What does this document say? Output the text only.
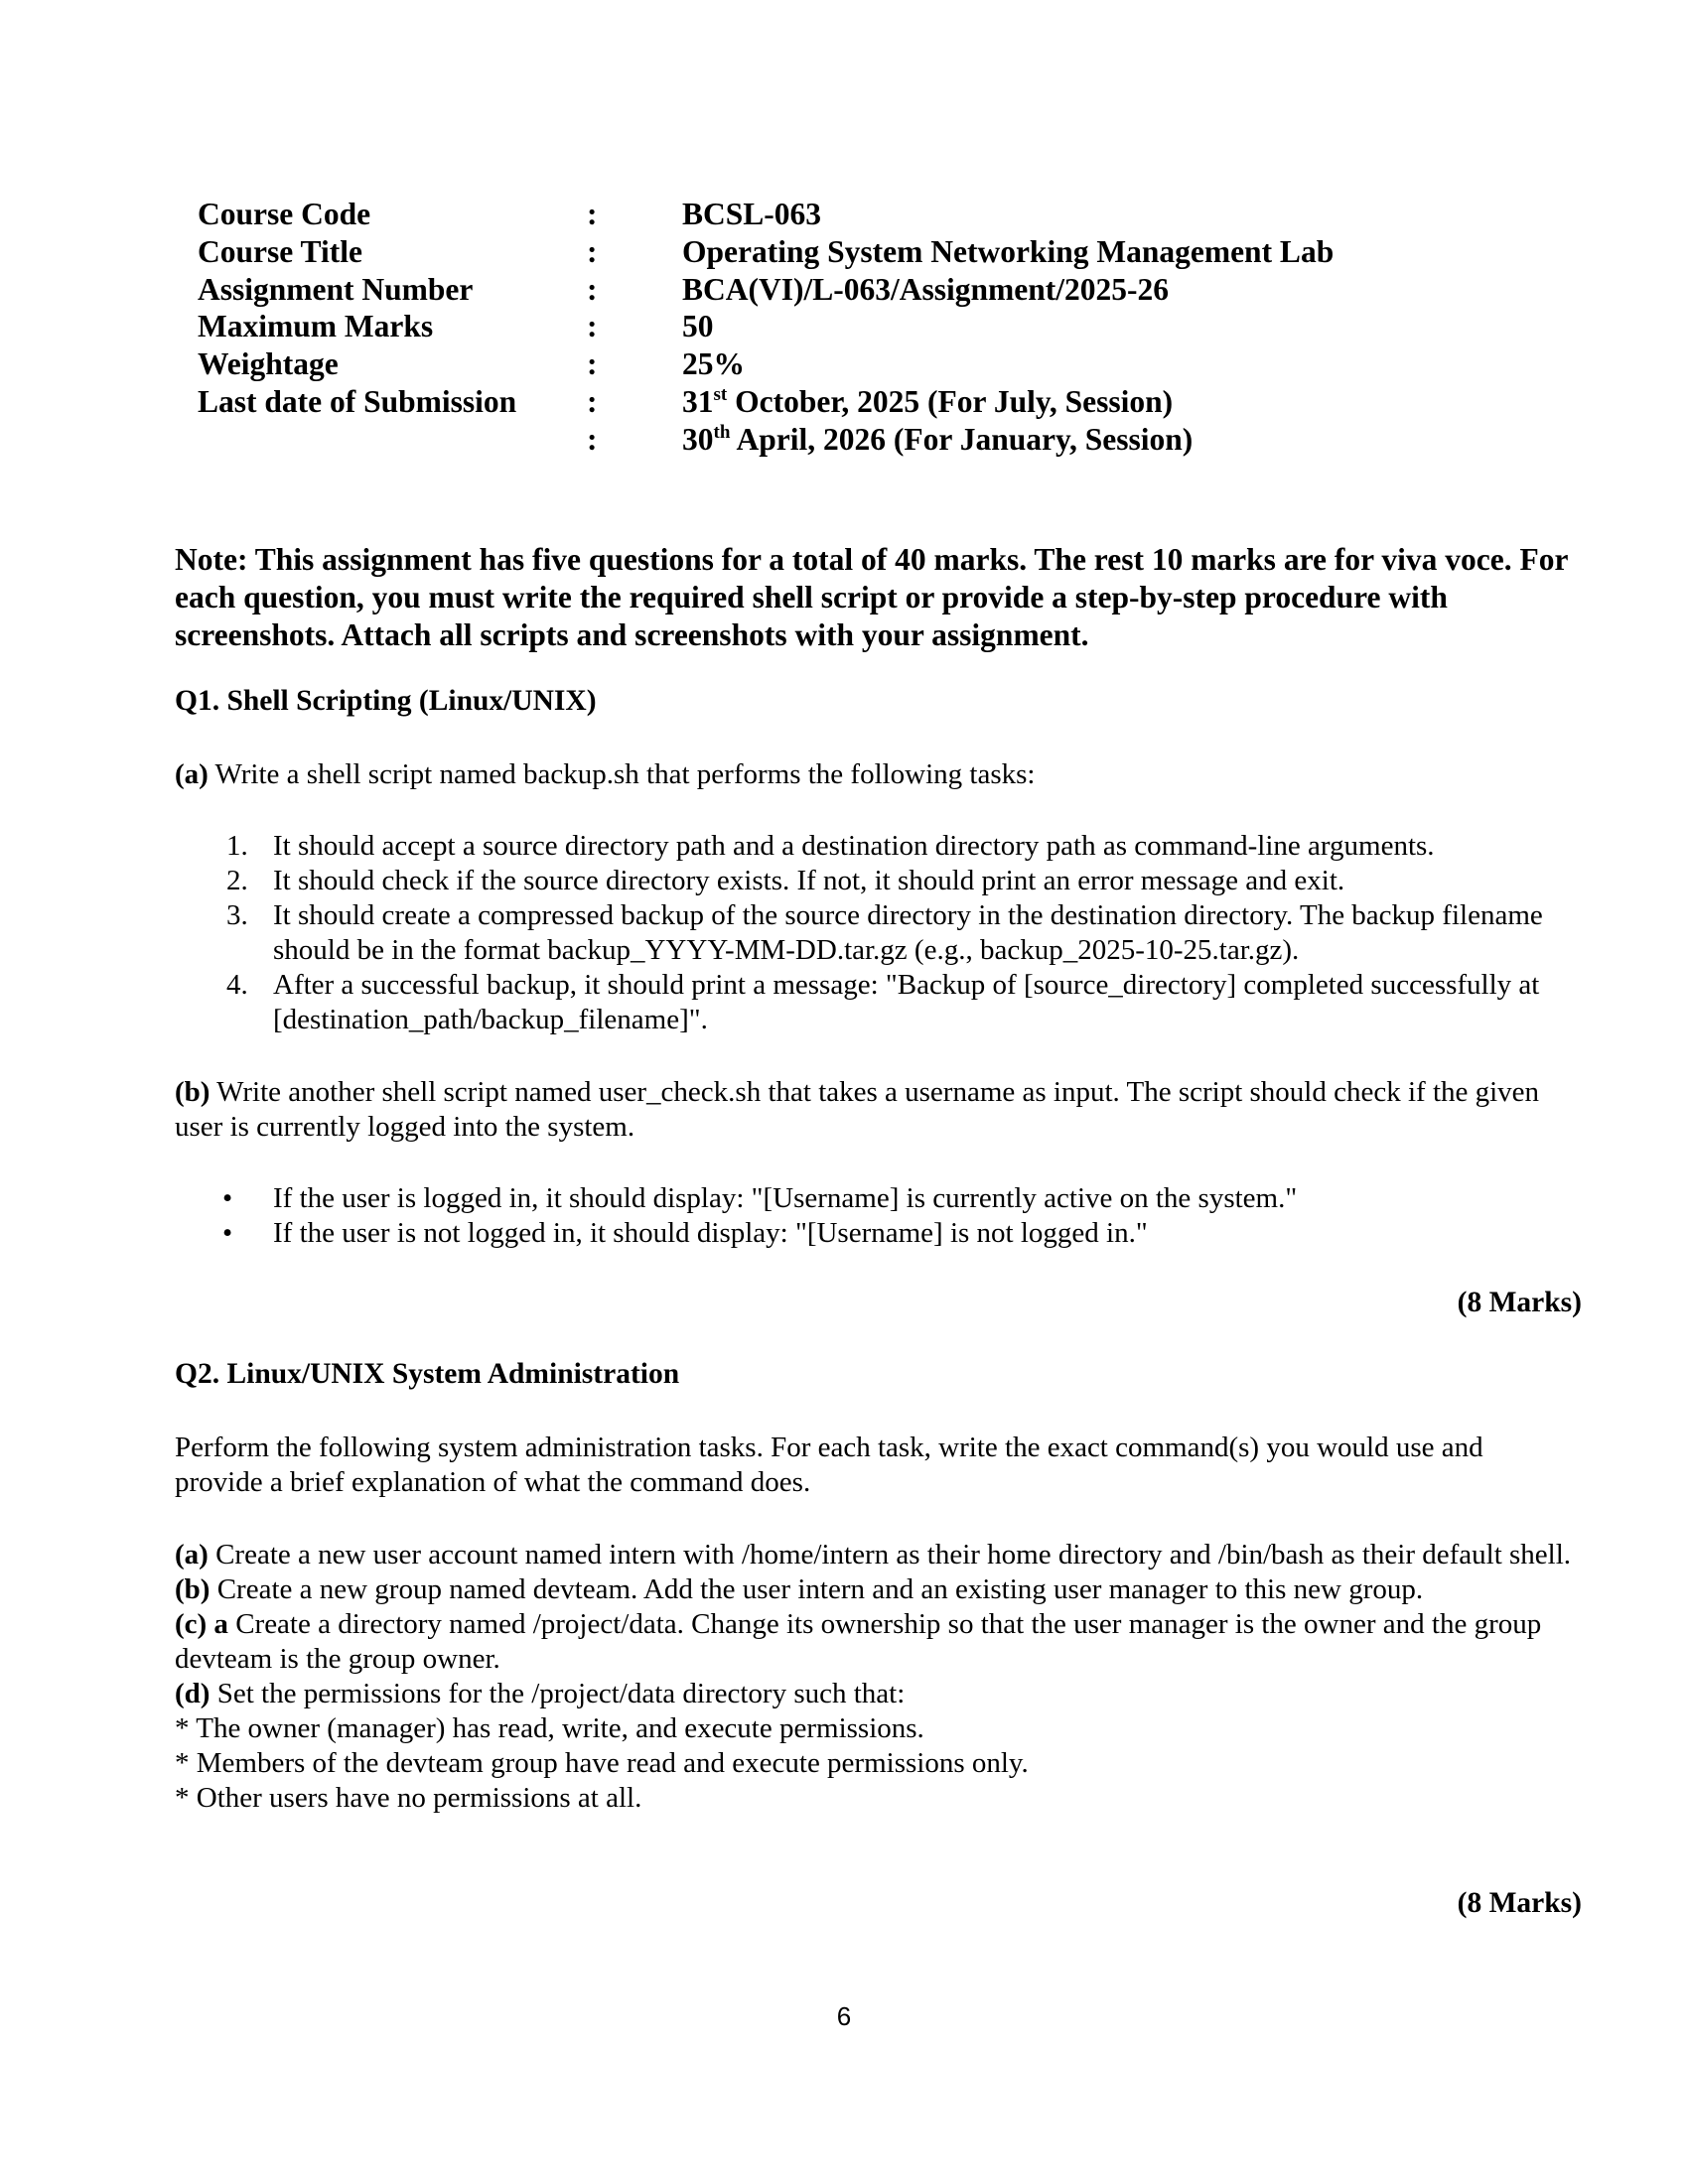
Course Code	:	BCSL-063
Course Title	:	Operating System Networking Management Lab
Assignment Number	:	BCA(VI)/L-063/Assignment/2025-26
Maximum Marks	:	50
Weightage	:	25%
Last date of Submission	:	31st October, 2025 (For July, Session)
	:	30th April, 2026 (For January, Session)

Note: This assignment has five questions for a total of 40 marks. The rest 10 marks are for viva voce. For each question, you must write the required shell script or provide a step-by-step procedure with screenshots. Attach all scripts and screenshots with your assignment.

Q1. Shell Scripting (Linux/UNIX)

(a) Write a shell script named backup.sh that performs the following tasks:

1. It should accept a source directory path and a destination directory path as command-line arguments.
2. It should check if the source directory exists. If not, it should print an error message and exit.
3. It should create a compressed backup of the source directory in the destination directory. The backup filename should be in the format backup_YYYY-MM-DD.tar.gz (e.g., backup_2025-10-25.tar.gz).
4. After a successful backup, it should print a message: "Backup of [source_directory] completed successfully at [destination_path/backup_filename]".

(b) Write another shell script named user_check.sh that takes a username as input. The script should check if the given user is currently logged into the system.

• If the user is logged in, it should display: "[Username] is currently active on the system."
• If the user is not logged in, it should display: "[Username] is not logged in."

(8 Marks)

Q2. Linux/UNIX System Administration

Perform the following system administration tasks. For each task, write the exact command(s) you would use and provide a brief explanation of what the command does.

(a) Create a new user account named intern with /home/intern as their home directory and /bin/bash as their default shell.

(b) Create a new group named devteam. Add the user intern and an existing user manager to this new group.

(c) a Create a directory named /project/data. Change its ownership so that the user manager is the owner and the group devteam is the group owner.

(d) Set the permissions for the /project/data directory such that:

* The owner (manager) has read, write, and execute permissions.

* Members of the devteam group have read and execute permissions only.

* Other users have no permissions at all.

(8 Marks)

6
